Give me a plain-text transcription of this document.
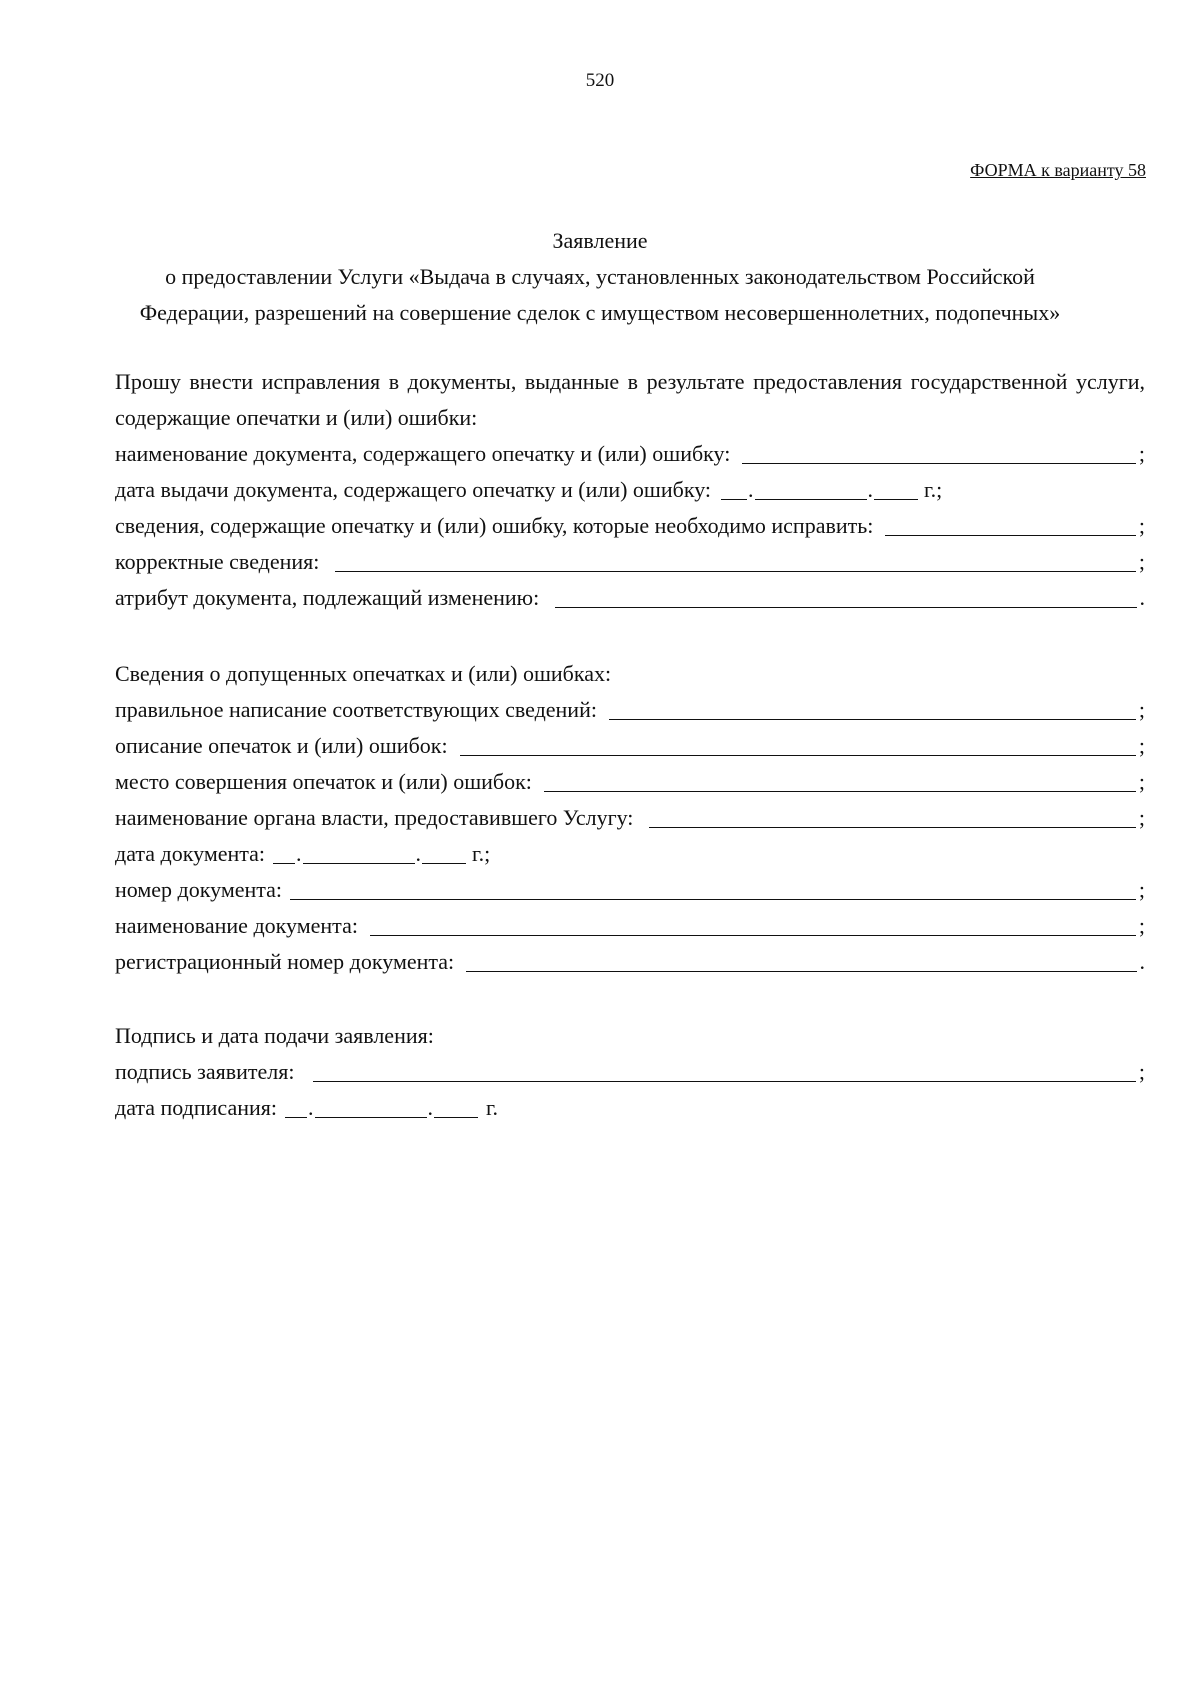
520
ФОРМА к варианту 58
Заявление
о предоставлении Услуги «Выдача в случаях, установленных законодательством Российской
Федерации, разрешений на совершение сделок с имуществом несовершеннолетних, подопечных»
Прошу внести исправления в документы, выданные в результате предоставления государственной услуги, содержащие опечатки и (или) ошибки:
наименование документа, содержащего опечатку и (или) ошибку:	;
дата выдачи документа, содержащего опечатку и (или) ошибку: .	. г.;
сведения, содержащие опечатку и (или) ошибку, которые необходимо исправить:	;
корректные сведения:	;
атрибут документа, подлежащий изменению:	.
Сведения о допущенных опечатках и (или) ошибках:
правильное написание соответствующих сведений:	;
описание опечаток и (или) ошибок:	;
место совершения опечаток и (или) ошибок:	;
наименование органа власти, предоставившего Услугу:	;
дата документа: .	. г.;
номер документа:	;
наименование документа:	;
регистрационный номер документа:	.
Подпись и дата подачи заявления:
подпись заявителя:	;
дата подписания: .	. г.
